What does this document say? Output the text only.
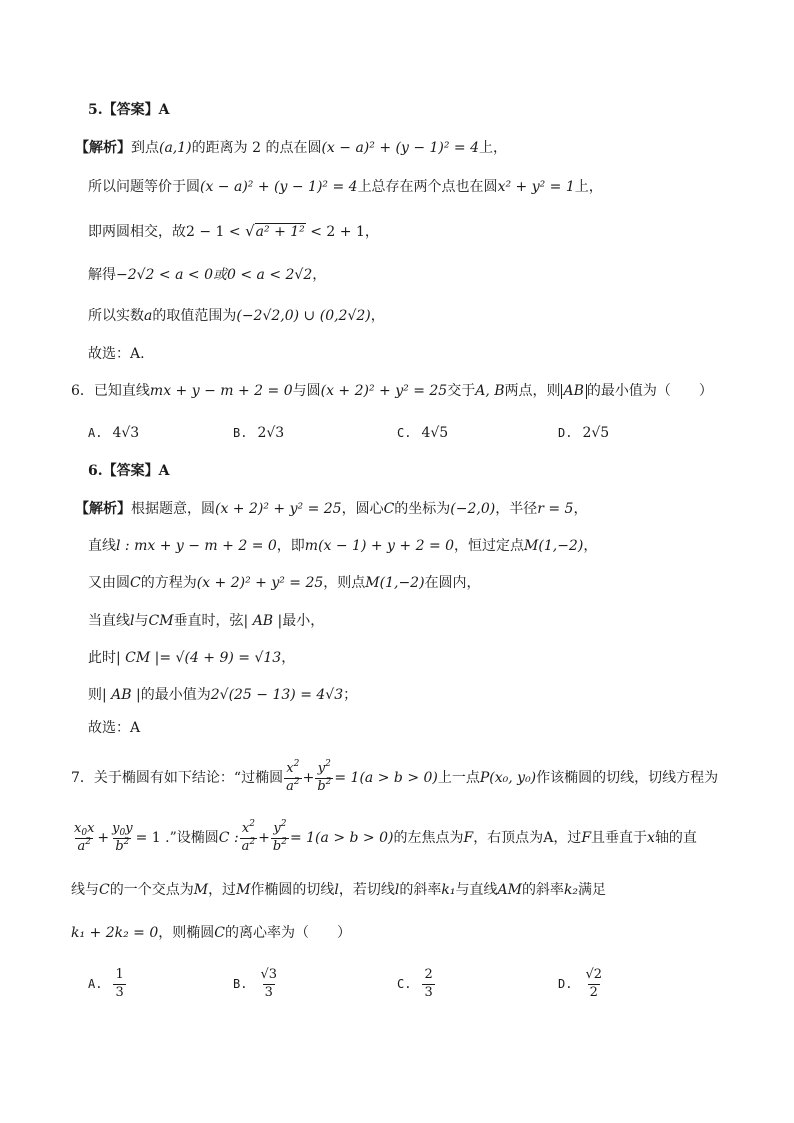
5.【答案】A
【解析】到点(a,1)的距离为 2 的点在圆(x − a)² + (y − 1)² = 4上，
所以问题等价于圆(x − a)² + (y − 1)² = 4上总存在两个点也在圆x² + y² = 1上，
即两圆相交，故2 − 1 < √a² + 1² < 2 + 1，
解得−2√2 < a < 0或0 < a < 2√2，
所以实数a的取值范围为(−2√2,0) ∪ (0,2√2)，
故选：A.
6．已知直线mx + y − m + 2 = 0与圆(x + 2)² + y² = 25交于A, B两点，则 AB 的最小值为（　　）
A. 4√3	B. 2√3	C. 4√5	D. 2√5
6.【答案】A
【解析】根据题意，圆(x + 2)² + y² = 25，圆心C的坐标为(−2,0)，半径r = 5，
直线l : mx + y − m + 2 = 0，即m(x − 1) + y + 2 = 0，恒过定点M(1,−2)，
又由圆C的方程为(x + 2)² + y² = 25，则点M(1,−2)在圆内，
当直线l与CM垂直时，弦| AB |最小，
此时| CM |= √(4 + 9) = √13，
则| AB |的最小值为2√(25 − 13) = 4√3；
故选：A
7．关于椭圆有如下结论：“过椭圆 $\frac{x^2}{a^2} + \frac{y^2}{b^2} = 1(a > b > 0)$ 上一点 P(x₀, y₀) 作该椭圆的切线，切线方程为
$\frac{x_0x}{a^2} + \frac{y_0y}{b^2} = 1$ . ”设椭圆 C : $\frac{x^2}{a^2} + \frac{y^2}{b^2} = 1(a > b > 0)$ 的左焦点为 F ，右顶点为 A ，过 F 且垂直于 x 轴的直
线与C的一个交点为M，过M作椭圆的切线l，若切线l的斜率k₁与直线AM的斜率k₂满足
k₁ + 2k₂ = 0，则椭圆C的离心率为（　　）
A. $\frac{1}{3}$	B. $\frac{√3}{3}$	C. $\frac{2}{3}$	D. $\frac{√2}{2}$
